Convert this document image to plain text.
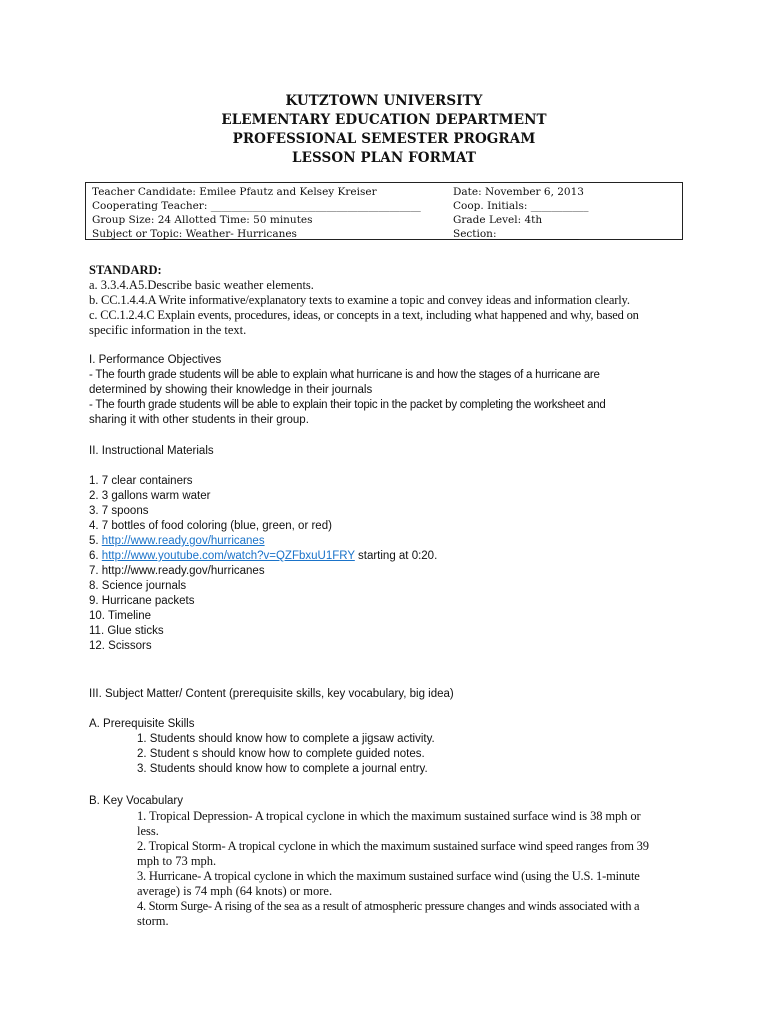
KUTZTOWN UNIVERSITY
ELEMENTARY EDUCATION DEPARTMENT
PROFESSIONAL SEMESTER PROGRAM
LESSON PLAN FORMAT
Teacher Candidate: Emilee Pfautz and Kelsey Kreiser
Cooperating Teacher: ________________________________________
Group Size: 24 Allotted Time: 50 minutes
Subject or Topic: Weather- Hurricanes
Date: November 6, 2013
Coop. Initials: ___________
Grade Level: 4th
Section: _______________
STANDARD:
a. 3.3.4.A5.Describe basic weather elements.
b. CC.1.4.4.A Write informative/explanatory texts to examine a topic and convey ideas and information clearly.
c. CC.1.2.4.C Explain events, procedures, ideas, or concepts in a text, including what happened and why, based on
specific information in the text.
I. Performance Objectives
- The fourth grade students will be able to explain what hurricane is and how the stages of a hurricane are
determined by showing their knowledge in their journals
- The fourth grade students will be able to explain their topic in the packet by completing the worksheet and
sharing it with other students in their group.
II. Instructional Materials

1. 7 clear containers
2. 3 gallons warm water
3. 7 spoons
4. 7 bottles of food coloring (blue, green, or red)
5. http://www.ready.gov/hurricanes
6. http://www.youtube.com/watch?v=QZFbxuU1FRY starting at 0:20.
7. http://www.ready.gov/hurricanes
8. Science journals
9. Hurricane packets
10. Timeline
11. Glue sticks
12. Scissors
III. Subject Matter/ Content (prerequisite skills, key vocabulary, big idea)

A. Prerequisite Skills
1. Students should know how to complete a jigsaw activity.
2. Student s should know how to complete guided notes.
3. Students should know how to complete a journal entry.
B. Key Vocabulary
1. Tropical Depression- A tropical cyclone in which the maximum sustained surface wind is 38 mph or
less.
2. Tropical Storm- A tropical cyclone in which the maximum sustained surface wind speed ranges from 39
mph to 73 mph.
3. Hurricane- A tropical cyclone in which the maximum sustained surface wind (using the U.S. 1-minute
average) is 74 mph (64 knots) or more.
4. Storm Surge- A rising of the sea as a result of atmospheric pressure changes and winds associated with a
storm.
